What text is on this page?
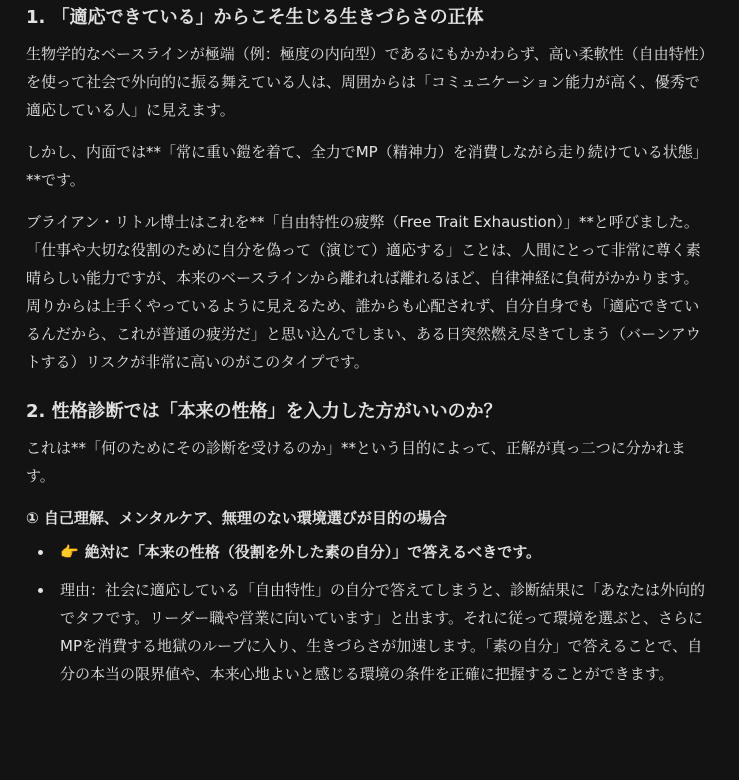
1. 「適応できている」からこそ生じる生きづらさの正体

生物学的なベースラインが極端（例：極度の内向型）であるにもかかわらず、高い柔軟性（自由特性）を使って社会で外向的に振る舞えている人は、周囲からは「コミュニケーション能力が高く、優秀で適応している人」に見えます。

しかし、内面では**「常に重い鎧を着て、全力でMP（精神力）を消費しながら走り続けている状態」**です。

ブライアン・リトル博士はこれを**「自由特性の疲弊（Free Trait Exhaustion）」**と呼びました。

「仕事や大切な役割のために自分を偽って（演じて）適応する」ことは、人間にとって非常に尊く素晴らしい能力ですが、本来のベースラインから離れれば離れるほど、自律神経に負荷がかかります。

周りからは上手くやっているように見えるため、誰からも心配されず、自分自身でも「適応できているんだから、これが普通の疲労だ」と思い込んでしまい、ある日突然燃え尽きてしまう（バーンアウトする）リスクが非常に高いのがこのタイプです。

2. 性格診断では「本来の性格」を入力した方がいいのか？

これは**「何のためにその診断を受けるのか」**という目的によって、正解が真っ二つに分かれます。

① 自己理解、メンタルケア、無理のない環境選びが目的の場合
👉 絶対に「本来の性格（役割を外した素の自分）」で答えるべきです。
理由：社会に適応している「自由特性」の自分で答えてしまうと、診断結果に「あなたは外向的でタフです。リーダー職や営業に向いています」と出ます。それに従って環境を選ぶと、さらにMPを消費する地獄のループに入り、生きづらさが加速します。「素の自分」で答えることで、自分の本当の限界値や、本来心地よいと感じる環境の条件を正確に把握することができます。
